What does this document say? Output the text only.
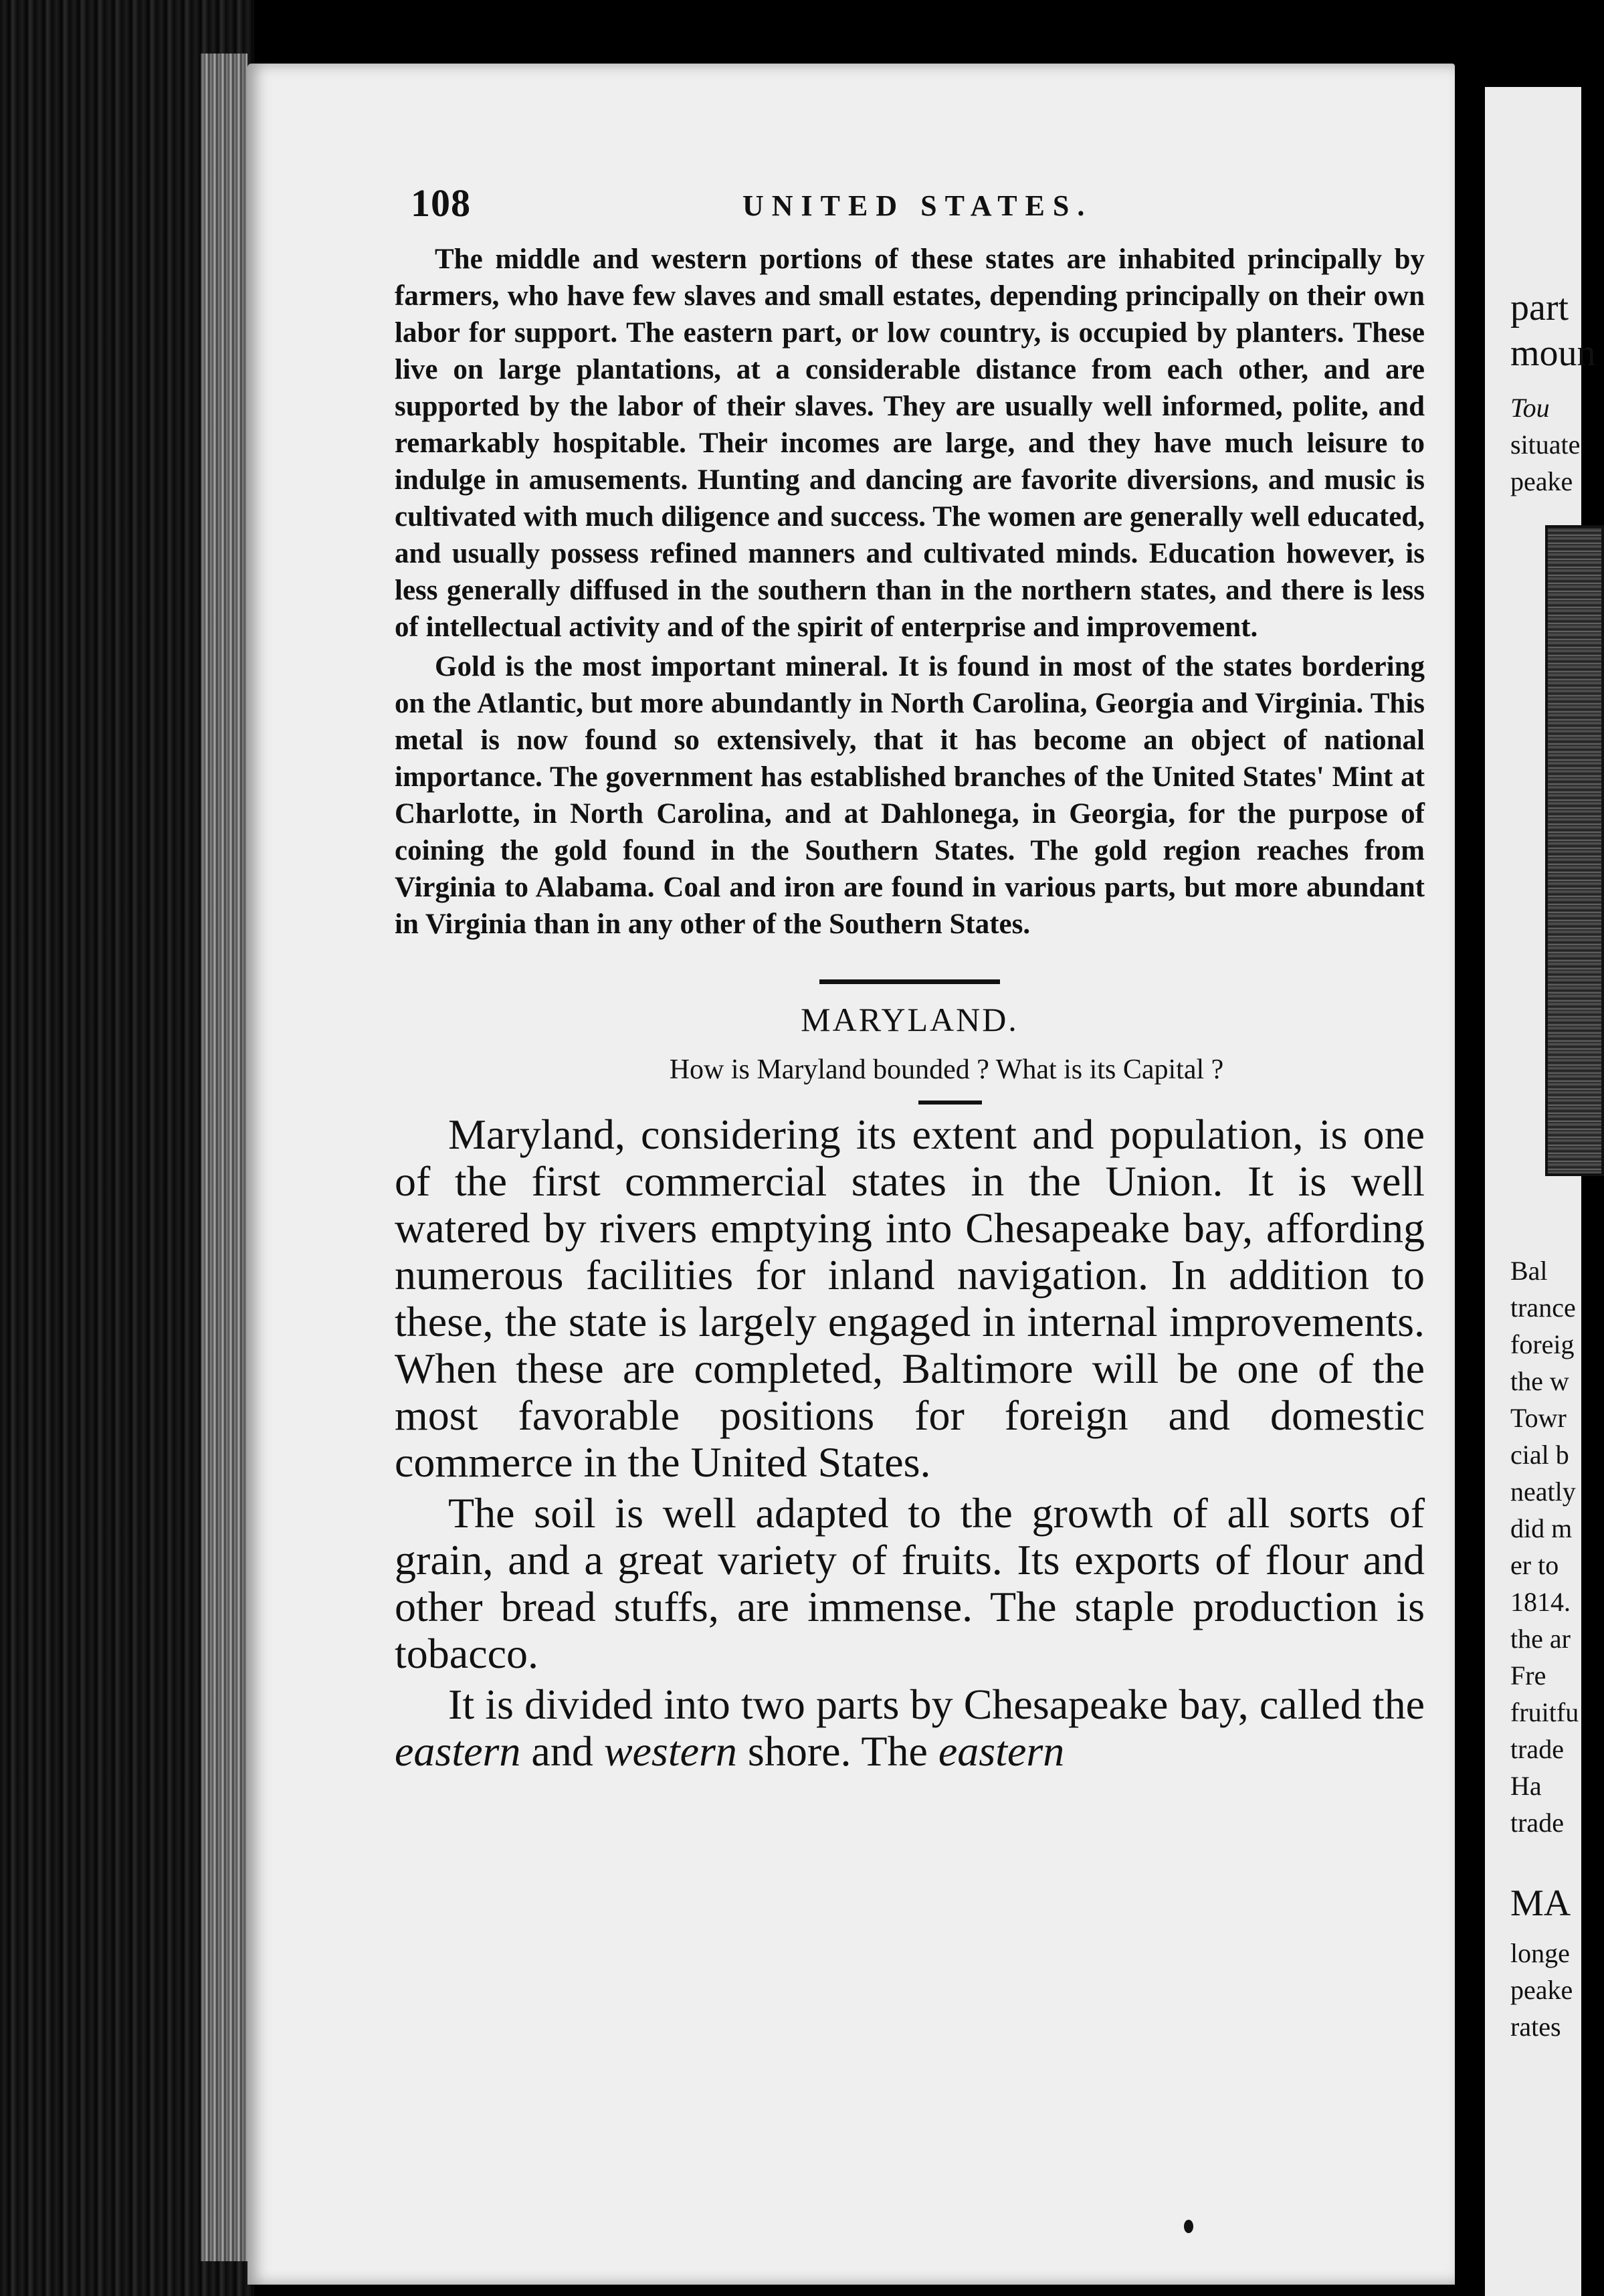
part
moun
Tou
situate
peake
Bal
trance
foreig
the w
Towr
cial b
neatly
did m
er to
1814.
the ar
Fre
fruitfu
trade
Ha
trade
MA
longe
peake
rates
108	UNITED STATES.

The middle and western portions of these states are inhabited principally by farmers, who have few slaves and small estates, depending principally on their own labor for support. The eastern part, or low country, is occupied by planters. These live on large plantations, at a considerable distance from each other, and are supported by the labor of their slaves. They are usually well informed, polite, and remarkably hospitable. Their incomes are large, and they have much leisure to indulge in amusements. Hunting and dancing are favorite diversions, and music is cultivated with much diligence and success. The women are generally well educated, and usually possess refined manners and cultivated minds. Education however, is less generally diffused in the southern than in the northern states, and there is less of intellectual activity and of the spirit of enterprise and improvement.

Gold is the most important mineral. It is found in most of the states bordering on the Atlantic, but more abundantly in North Carolina, Georgia and Virginia. This metal is now found so extensively, that it has become an object of national importance. The government has established branches of the United States' Mint at Charlotte, in North Carolina, and at Dahlonega, in Georgia, for the purpose of coining the gold found in the Southern States. The gold region reaches from Virginia to Alabama. Coal and iron are found in various parts, but more abundant in Virginia than in any other of the Southern States.

MARYLAND.
How is Maryland bounded ? What is its Capital ?

Maryland, considering its extent and population, is one of the first commercial states in the Union. It is well watered by rivers emptying into Chesapeake bay, affording numerous facilities for inland navigation. In addition to these, the state is largely engaged in internal improvements. When these are completed, Baltimore will be one of the most favorable positions for foreign and domestic commerce in the United States.

The soil is well adapted to the growth of all sorts of grain, and a great variety of fruits. Its exports of flour and other bread stuffs, are immense. The staple production is tobacco.

It is divided into two parts by Chesapeake bay, called the eastern and western shore. The eastern
